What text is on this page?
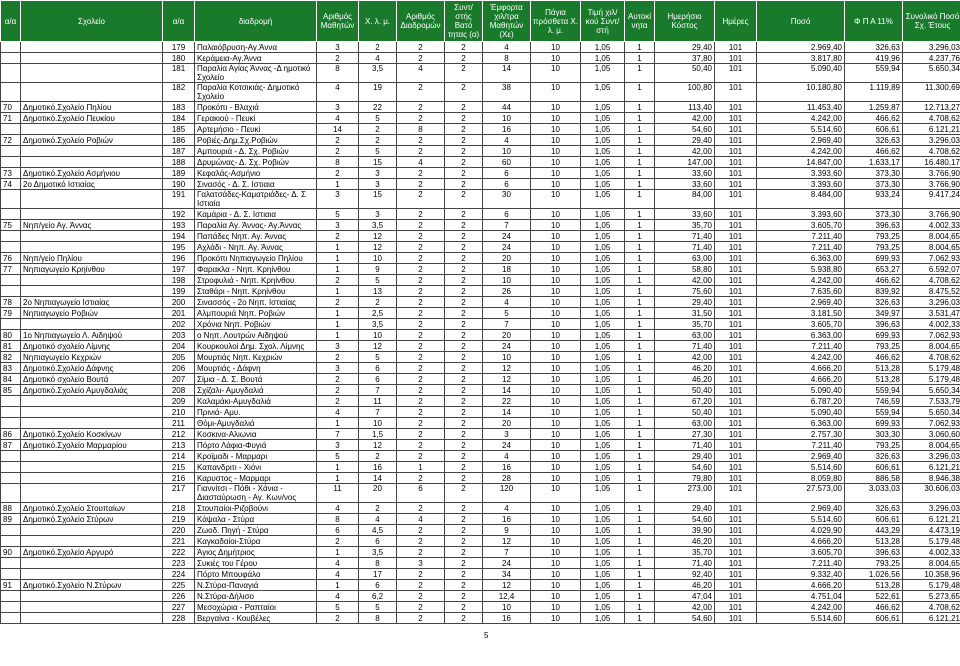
α/α	Σχολείο	α/α	διαδρομή	Αριθμός Μαθητών	Χ. λ. μ.	Αριθμός Διαδρομών	Συντ/στής Βατό τητας (α)	Έμφορτα χιλ/τρα Μαθητών (Χε)	Πάγια πρόσθετα Χ. λ. μ.	Τιμή χιλ/κού Συντ/στή	Αυτοκί νητα	Ημερήσιο Κόστος	Ημέρες	Ποσό	Φ Π Α 11%	Συνολικό Ποσό Σχ. Έτους
		179	Παλαιόβρυση-Αγ.Άννα	3	2	2	2	4	10	1,05	1	29,40	101	2.969,40	326,63	3.296,03
		180	Κεράμεια-Αγ.Άννα	2	4	2	2	8	10	1,05	1	37,80	101	3.817,80	419,96	4.237,76
		181	Παραλία Αγίας Άννας -Δ ημοτικό Σχολείο	8	3,5	4	2	14	10	1,05	1	50,40	101	5.090,40	559,94	5.650,34
		182	Παραλία Κοτσικιάς- Δημοτικό Σχολείο	4	19	2	2	38	10	1,05	1	100,80	101	10.180,80	1.119,89	11.300,69
70	Δημοτικό.Σχολείο Πηλίου	183	Προκόπι - Βλαχιά	3	22	2	2	44	10	1,05	1	113,40	101	11.453,40	1.259,87	12.713,27
71	Δημοτικό.Σχολείο Πευκίου	184	Γερακιού - Πευκί	4	5	2	2	10	10	1,05	1	42,00	101	4.242,00	466,62	4.708,62
		185	Αρτεμήσιο - Πευκί	14	2	8	2	16	10	1,05	1	54,60	101	5.514,60	606,61	6.121,21
72	Δημοτικό.Σχολείο Ροβιών	186	Ροβιές-Δημ.Σχ.Ροβιών	2	2	2	2	4	10	1,05	1	29,40	101	2.969,40	326,63	3.296,03
		187	Αμπουριά - Δ. Σχ. Ροβιών	2	5	2	2	10	10	1,05	1	42,00	101	4.242,00	466,62	4.708,62
		188	Δρυμώνας- Δ. Σχ. Ροβιών	8	15	4	2	60	10	1,05	1	147,00	101	14.847,00	1.633,17	16.480,17
73	Δημοτικό.Σχολείο Ασμήνιου	189	Κεφαλάς-Ασμήνιο	2	3	2	2	6	10	1,05	1	33,60	101	3.393,60	373,30	3.766,90
74	2ο Δημοτικό Ιστιαίας	190	Σινασός - Δ. Σ. Ιστιαια	1	3	2	2	6	10	1,05	1	33,60	101	3.393,60	373,30	3.766,90
		191	Γαλατσάδες-Καματριάδες- Δ. Σ Ιστιαία	3	15	2	2	30	10	1,05	1	84,00	101	8.484,00	933,24	9.417,24
		192	Καμάρια - Δ. Σ. Ιστιαια	5	3	2	2	6	10	1,05	1	33,60	101	3.393,60	373,30	3.766,90
75	Νηπ/γείο Αγ. Άννας	193	Παραλία Αγ. Άννας- Αγ.Άννας	3	3,5	2	2	7	10	1,05	1	35,70	101	3.605,70	396,63	4.002,33
		194	Παπάδες Νηπ. Αγ. Άννας	2	12	2	2	24	10	1,05	1	71,40	101	7.211,40	793,25	8.004,65
		195	Αχλάδι - Νηπ. Αγ. Άννας	1	12	2	2	24	10	1,05	1	71,40	101	7.211,40	793,25	8.004,65
76	Νηπ/γείο Πηλίου	196	Προκόπι Νηπιαγωγείο Πηλίου	1	10	2	2	20	10	1,05	1	63,00	101	6.363,00	699,93	7.062,93
77	Νηπιαγωγείο Κρηίνθου	197	Φαρακλα - Νηπ. Κρηίνθου	1	9	2	2	18	10	1,05	1	58,80	101	5.938,80	653,27	6.592,07
		198	Στροφυλιά - Νηπ. Κρηίνθου	2	5	2	2	10	10	1,05	1	42,00	101	4.242,00	466,62	4.708,62
		199	Σταθάρι - Νηπ. Κρηίνθου	1	13	2	2	26	10	1,05	1	75,60	101	7.635,60	839,92	8.475,52
78	2ο Νηπιαγωγείο Ιστιαίας	200	Σινασσός - 2ο Νηπ. Ιστιαίας	2	2	2	2	4	10	1,05	1	29,40	101	2.969,40	326,63	3.296,03
79	Νηπιαγωγείο Ροβιών	201	Αλμπουριά Νηπ. Ροβιών	1	2,5	2	2	5	10	1,05	1	31,50	101	3.181,50	349,97	3.531,47
		202	Χρόνια Νηπ. Ροβιών	1	3,5	2	2	7	10	1,05	1	35,70	101	3.605,70	396,63	4.002,33
80	1ο Νηπιαγωγείο Λ. Αιδηψού	203	ο Νηπ. Λουτρών Αιδηψού	1	10	2	2	20	10	1,05	1	63,00	101	6.363,00	699,93	7.062,93
81	Δημοτικό σχολείο Λίμνης	204	Κουρκουλοί Δημ. Σχολ. Λίμνης	3	12	2	2	24	10	1,05	1	71,40	101	7.211,40	793,25	8.004,65
82	Νηπιαγωγείο Κεχριών	205	Μουρτιάς Νηπ. Κεχριών	2	5	2	2	10	10	1,05	1	42,00	101	4.242,00	466,62	4.708,62
83	Δημοτικό.Σχολείο Δάφνης	206	Μουρτιάς - Δάφνη	3	6	2	2	12	10	1,05	1	46,20	101	4.666,20	513,28	5.179,48
84	Δημοτικό σχολείο Βουτά	207	Σίμια - Δ. Σ. Βουτά	2	6	2	2	12	10	1,05	1	46,20	101	4.666,20	513,28	5.179,48
85	Δημοτικό.Σχολείο Αμυγδαλιάς	208	Σχίζαλι- Αμυγδαλιά	2	7	2	2	14	10	1,05	1	50,40	101	5.090,40	559,94	5.650,34
		209	Καλαμάκι-Αμυγδαλιά	2	11	2	2	22	10	1,05	1	67,20	101	6.787,20	746,59	7.533,79
		210	Πρινιά- Αμυ.	4	7	2	2	14	10	1,05	1	50,40	101	5.090,40	559,94	5.650,34
		211	Θόμι-Αμυγδαλιά	1	10	2	2	20	10	1,05	1	63,00	101	6.363,00	699,93	7.062,93
86	Δημοτικό.Σχολείο Κοσκίνων	212	Κοσκινα-Αλιωνια	7	1,5	2	2	3	10	1,05	1	27,30	101	2.757,30	303,30	3.060,60
87	Δημοτικό.Σχολείο Μαρμαρίου	213	Πόρτο Λάφια-Φυγιά	3	12	2	2	24	10	1,05	1	71,40	101	7.211,40	793,25	8.004,65
		214	Κροϊμαδι - Μαρμαρι	5	2	2	2	4	10	1,05	1	29,40	101	2.969,40	326,63	3.296,03
		215	Καπανδριτι - Χιόνι	1	16	1	2	16	10	1,05	1	54,60	101	5.514,60	606,61	6.121,21
		216	Καρυστος - Μαρμαρι	1	14	2	2	28	10	1,05	1	79,80	101	8.059,80	886,58	8.946,38
		217	Γιαννίτσι - Πόθι - Χάνια - Διασταύρωση - Αγ. Κων/νος	11	20	6	2	120	10	1,05	1	273,00	101	27.573,00	3.033,03	30.606,03
88	Δημοτικό.Σχολείο Στουπαίων	218	Στουπαίοι-Ριζοβούνι	4	2	2	2	4	10	1,05	1	29,40	101	2.969,40	326,63	3.296,03
89	Δημοτικό.Σχολείο Στύρων	219	Κάψαλα - Στύρα	8	4	4	2	16	10	1,05	1	54,60	101	5.514,60	606,61	6.121,21
		220	Ζωοδ. Πηγή - Στύρα	6	4,5	2	2	9	10	1,05	1	39,90	101	4.029,90	443,29	4.473,19
		221	Καγκαδαίοι-Στύρα	2	6	2	2	12	10	1,05	1	46,20	101	4.666,20	513,28	5.179,48
90	Δημοτικό.Σχολείο Αργυρό	222	Άγιος Δημήτριος	1	3,5	2	2	7	10	1,05	1	35,70	101	3.605,70	396,63	4.002,33
		223	Συκιές του Γέρου	4	8	3	2	24	10	1,05	1	71,40	101	7.211,40	793,25	8.004,65
		224	Πόρτο Μπουφάλο	4	17	2	2	34	10	1,05	1	92,40	101	9.332,40	1.026,56	10.358,96
91	Δημοτικό.Σχολείο Ν.Στύρων	225	Ν.Στύρα-Παναγιά	1	6	2	2	12	10	1,05	1	46,20	101	4.666,20	513,28	5.179,48
		226	Ν.Στύρα-Δήλισο	4	6,2	2	2	12,4	10	1,05	1	47,04	101	4.751,04	522,61	5.273,65
		227	Μεσοχώρια - Ραπταίοι	5	5	2	2	10	10	1,05	1	42,00	101	4.242,00	466,62	4.708,62
		228	Βεργαίνα - Κουβέλες	2	8	2	2	16	10	1,05	1	54,60	101	5.514,60	606,61	6.121,21
5
